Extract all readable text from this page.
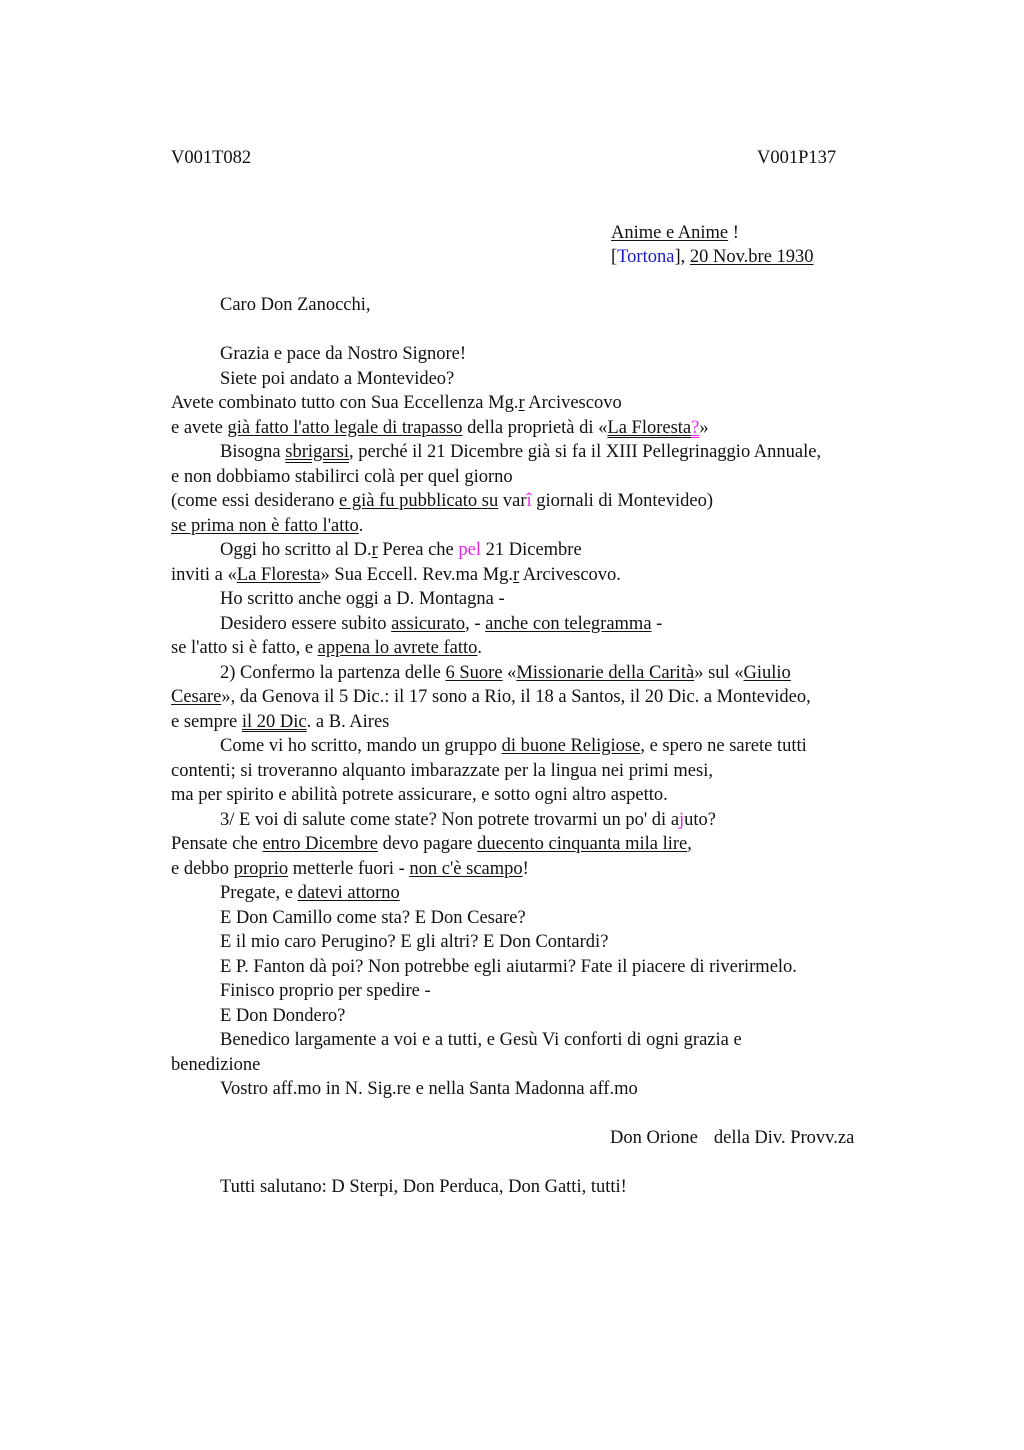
V001T082	V001P137
Anime e Anime !
[Tortona], 20 Nov.bre 1930
Caro Don Zanocchi,
Grazia e pace da Nostro Signore!
Siete poi andato a Montevideo?
Avete combinato tutto con Sua Eccellenza Mg.r Arcivescovo
e avete già fatto l'atto legale di trapasso della proprietà di «La Floresta?»
Bisogna sbrigarsi, perché il 21 Dicembre già si fa il XIII Pellegrinaggio Annuale,
e non dobbiamo stabilirci colà per quel giorno
(come essi desiderano e già fu pubblicato su varî giornali di Montevideo)
se prima non è fatto l'atto.
Oggi ho scritto al D.r Perea che pel 21 Dicembre
inviti a «La Floresta» Sua Eccell. Rev.ma Mg.r Arcivescovo.
Ho scritto anche oggi a D. Montagna -
Desidero essere subito assicurato, - anche con telegramma -
se l'atto si è fatto, e appena lo avrete fatto.
2) Confermo la partenza delle 6 Suore «Missionarie della Carità» sul «Giulio
Cesare», da Genova il 5 Dic.: il 17 sono a Rio, il 18 a Santos, il 20 Dic. a Montevideo,
e sempre il 20 Dic. a B. Aires
Come vi ho scritto, mando un gruppo di buone Religiose, e spero ne sarete tutti
contenti; si troveranno alquanto imbarazzate per la lingua nei primi mesi,
ma per spirito e abilità potrete assicurare, e sotto ogni altro aspetto.
3/ E voi di salute come state? Non potrete trovarmi un po' di ajuto?
Pensate che entro Dicembre devo pagare duecento cinquanta mila lire,
e debbo proprio metterle fuori - non c'è scampo!
Pregate, e datevi attorno
E Don Camillo come sta? E Don Cesare?
E il mio caro Perugino? E gli altri? E Don Contardi?
E P. Fanton dà poi? Non potrebbe egli aiutarmi? Fate il piacere di riverirmelo.
Finisco proprio per spedire -
E Don Dondero?
Benedico largamente a voi e a tutti, e Gesù Vi conforti di ogni grazia e
benedizione
Vostro aff.mo in N. Sig.re e nella Santa Madonna aff.mo
Don Orione della Div. Provv.za
Tutti salutano: D Sterpi, Don Perduca, Don Gatti, tutti!
